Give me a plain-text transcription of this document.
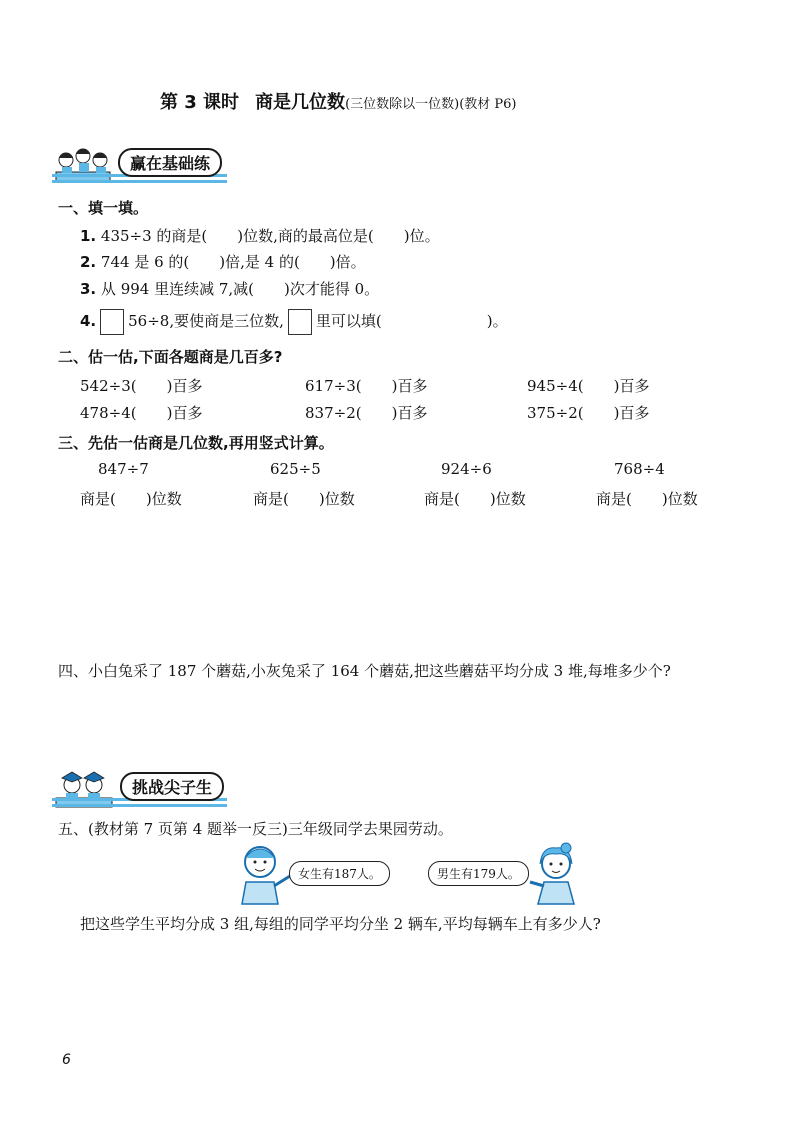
第 3 课时 商是几位数(三位数除以一位数)(教材 P6)
赢在基础练
一、填一填。
1. 435÷3 的商是(　　)位数,商的最高位是(　　)位。
2. 744 是 6 的(　　)倍,是 4 的(　　)倍。
3. 从 994 里连续减 7,减(　　)次才能得 0。
4. 56÷8,要使商是三位数, 里可以填(　　　　　　　)。
二、估一估,下面各题商是几百多?
542÷3(　　)百多	617÷3(　　)百多	945÷4(　　)百多
478÷4(　　)百多	837÷2(　　)百多	375÷2(　　)百多
三、先估一估商是几位数,再用竖式计算。
847÷7	625÷5	924÷6	768÷4
商是(　　)位数	商是(　　)位数	商是(　　)位数	商是(　　)位数
四、小白兔采了 187 个蘑菇,小灰兔采了 164 个蘑菇,把这些蘑菇平均分成 3 堆,每堆多少个?
挑战尖子生
五、(教材第 7 页第 4 题举一反三)三年级同学去果园劳动。
女生有187人。	男生有179人。
把这些学生平均分成 3 组,每组的同学平均分坐 2 辆车,平均每辆车上有多少人?
6
